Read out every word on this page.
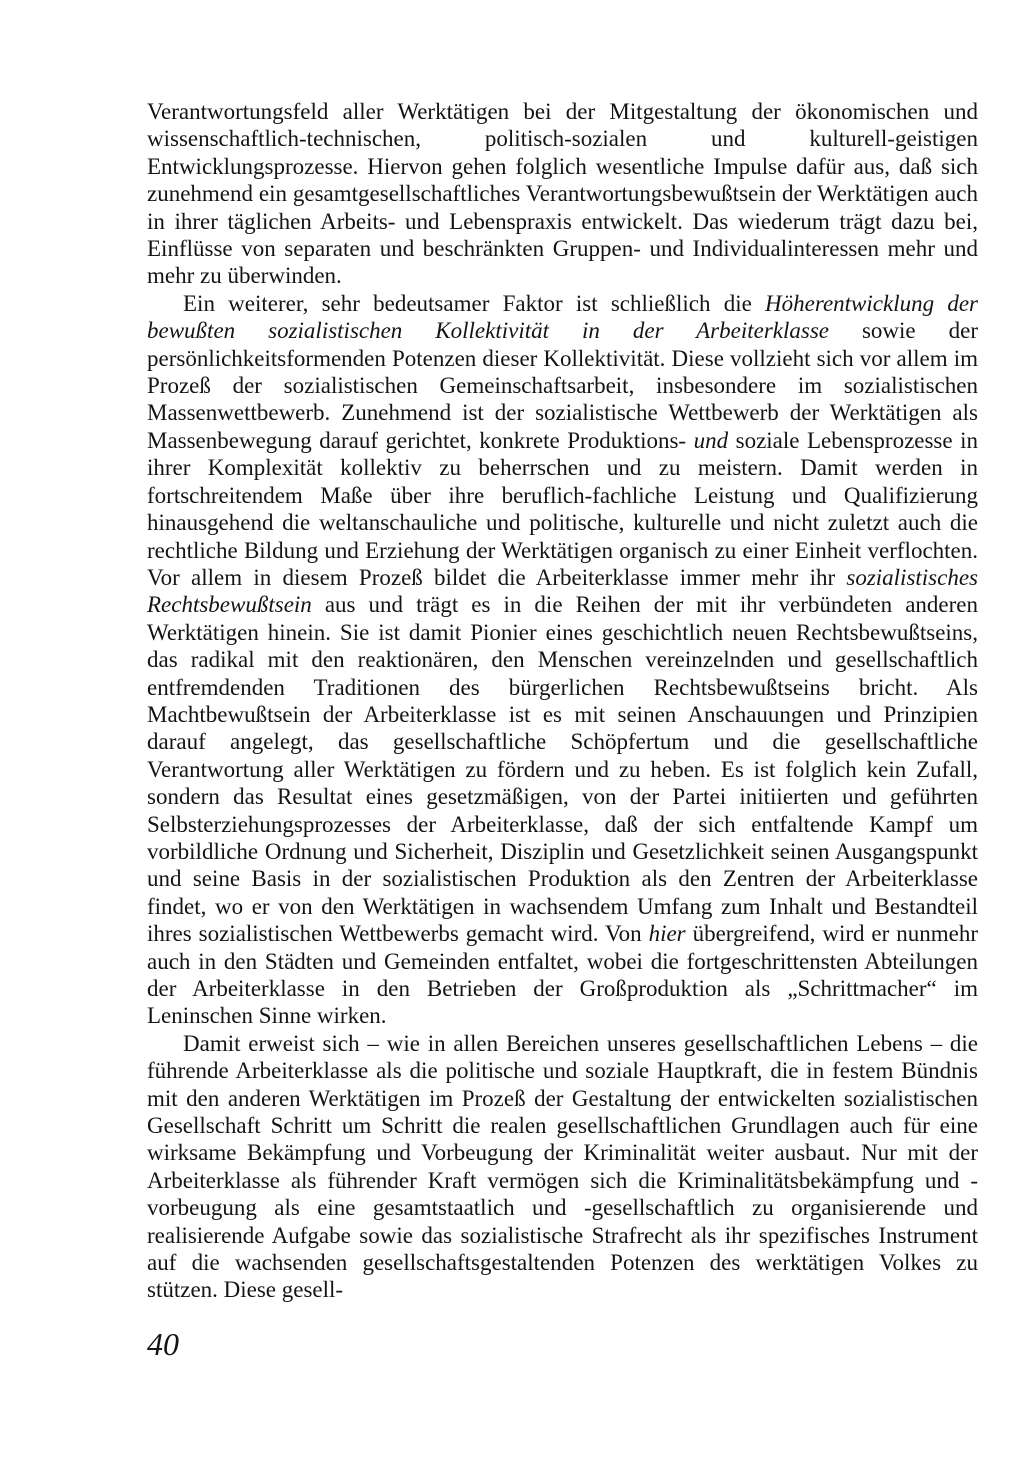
Verantwortungsfeld aller Werktätigen bei der Mitgestaltung der ökonomischen und wissenschaftlich-technischen, politisch-sozialen und kulturell-geistigen Entwicklungsprozesse. Hiervon gehen folglich wesentliche Impulse dafür aus, daß sich zunehmend ein gesamtgesellschaftliches Verantwortungsbewußtsein der Werktätigen auch in ihrer täglichen Arbeits- und Lebenspraxis entwickelt. Das wiederum trägt dazu bei, Einflüsse von separaten und beschränkten Gruppen- und Individualinteressen mehr und mehr zu überwinden.

Ein weiterer, sehr bedeutsamer Faktor ist schließlich die Höherentwicklung der bewußten sozialistischen Kollektivität in der Arbeiterklasse sowie der persönlichkeitsformenden Potenzen dieser Kollektivität. Diese vollzieht sich vor allem im Prozeß der sozialistischen Gemeinschaftsarbeit, insbesondere im sozialistischen Massenwettbewerb. Zunehmend ist der sozialistische Wettbewerb der Werktätigen als Massenbewegung darauf gerichtet, konkrete Produktions- und soziale Lebensprozesse in ihrer Komplexität kollektiv zu beherrschen und zu meistern. Damit werden in fortschreitendem Maße über ihre beruflich-fachliche Leistung und Qualifizierung hinausgehend die weltanschauliche und politische, kulturelle und nicht zuletzt auch die rechtliche Bildung und Erziehung der Werktätigen organisch zu einer Einheit verflochten. Vor allem in diesem Prozeß bildet die Arbeiterklasse immer mehr ihr sozialistisches Rechtsbewußtsein aus und trägt es in die Reihen der mit ihr verbündeten anderen Werktätigen hinein. Sie ist damit Pionier eines geschichtlich neuen Rechtsbewußtseins, das radikal mit den reaktionären, den Menschen vereinzelnden und gesellschaftlich entfremdenden Traditionen des bürgerlichen Rechtsbewußtseins bricht. Als Machtbewußtsein der Arbeiterklasse ist es mit seinen Anschauungen und Prinzipien darauf angelegt, das gesellschaftliche Schöpfertum und die gesellschaftliche Verantwortung aller Werktätigen zu fördern und zu heben. Es ist folglich kein Zufall, sondern das Resultat eines gesetzmäßigen, von der Partei initiierten und geführten Selbsterziehungsprozesses der Arbeiterklasse, daß der sich entfaltende Kampf um vorbildliche Ordnung und Sicherheit, Disziplin und Gesetzlichkeit seinen Ausgangspunkt und seine Basis in der sozialistischen Produktion als den Zentren der Arbeiterklasse findet, wo er von den Werktätigen in wachsendem Umfang zum Inhalt und Bestandteil ihres sozialistischen Wettbewerbs gemacht wird. Von hier übergreifend, wird er nunmehr auch in den Städten und Gemeinden entfaltet, wobei die fortgeschrittensten Abteilungen der Arbeiterklasse in den Betrieben der Großproduktion als „Schrittmacher“ im Leninschen Sinne wirken.

Damit erweist sich – wie in allen Bereichen unseres gesellschaftlichen Lebens – die führende Arbeiterklasse als die politische und soziale Hauptkraft, die in festem Bündnis mit den anderen Werktätigen im Prozeß der Gestaltung der entwickelten sozialistischen Gesellschaft Schritt um Schritt die realen gesellschaftlichen Grundlagen auch für eine wirksame Bekämpfung und Vorbeugung der Kriminalität weiter ausbaut. Nur mit der Arbeiterklasse als führender Kraft vermögen sich die Kriminalitätsbekämpfung und -vorbeugung als eine gesamtstaatlich und -gesellschaftlich zu organisierende und realisierende Aufgabe sowie das sozialistische Strafrecht als ihr spezifisches Instrument auf die wachsenden gesellschaftsgestaltenden Potenzen des werktätigen Volkes zu stützen. Diese gesell-

40
